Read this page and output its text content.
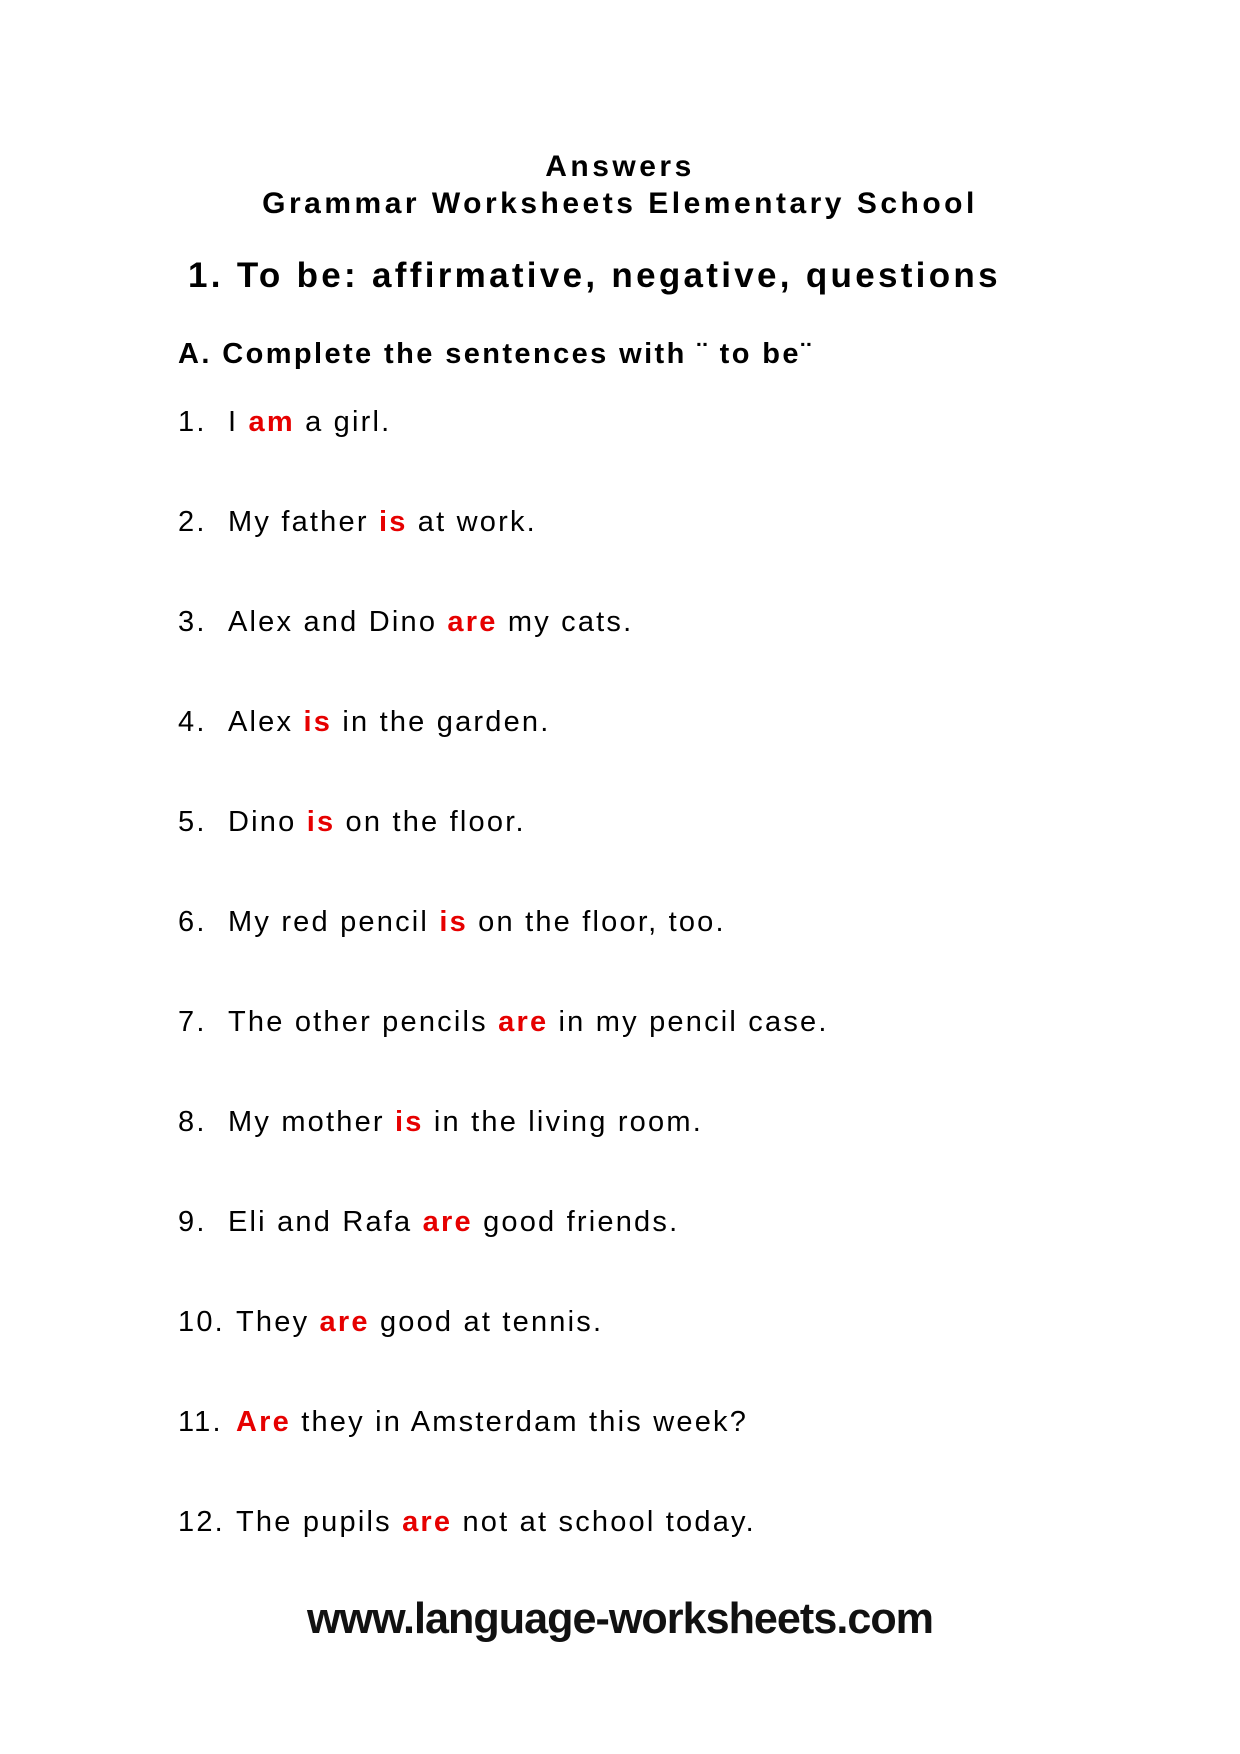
Answers
Grammar Worksheets Elementary School
1. To be: affirmative, negative, questions
A. Complete the sentences with ¨ to be¨
1. I am a girl.
2. My father is at work.
3. Alex and Dino are my cats.
4. Alex is in the garden.
5. Dino is on the floor.
6. My red pencil is on the floor, too.
7. The other pencils are in my pencil case.
8. My mother is in the living room.
9. Eli and Rafa are good friends.
10. They are good at tennis.
11. Are they in Amsterdam this week?
12. The pupils are not at school today.
www.language-worksheets.com
